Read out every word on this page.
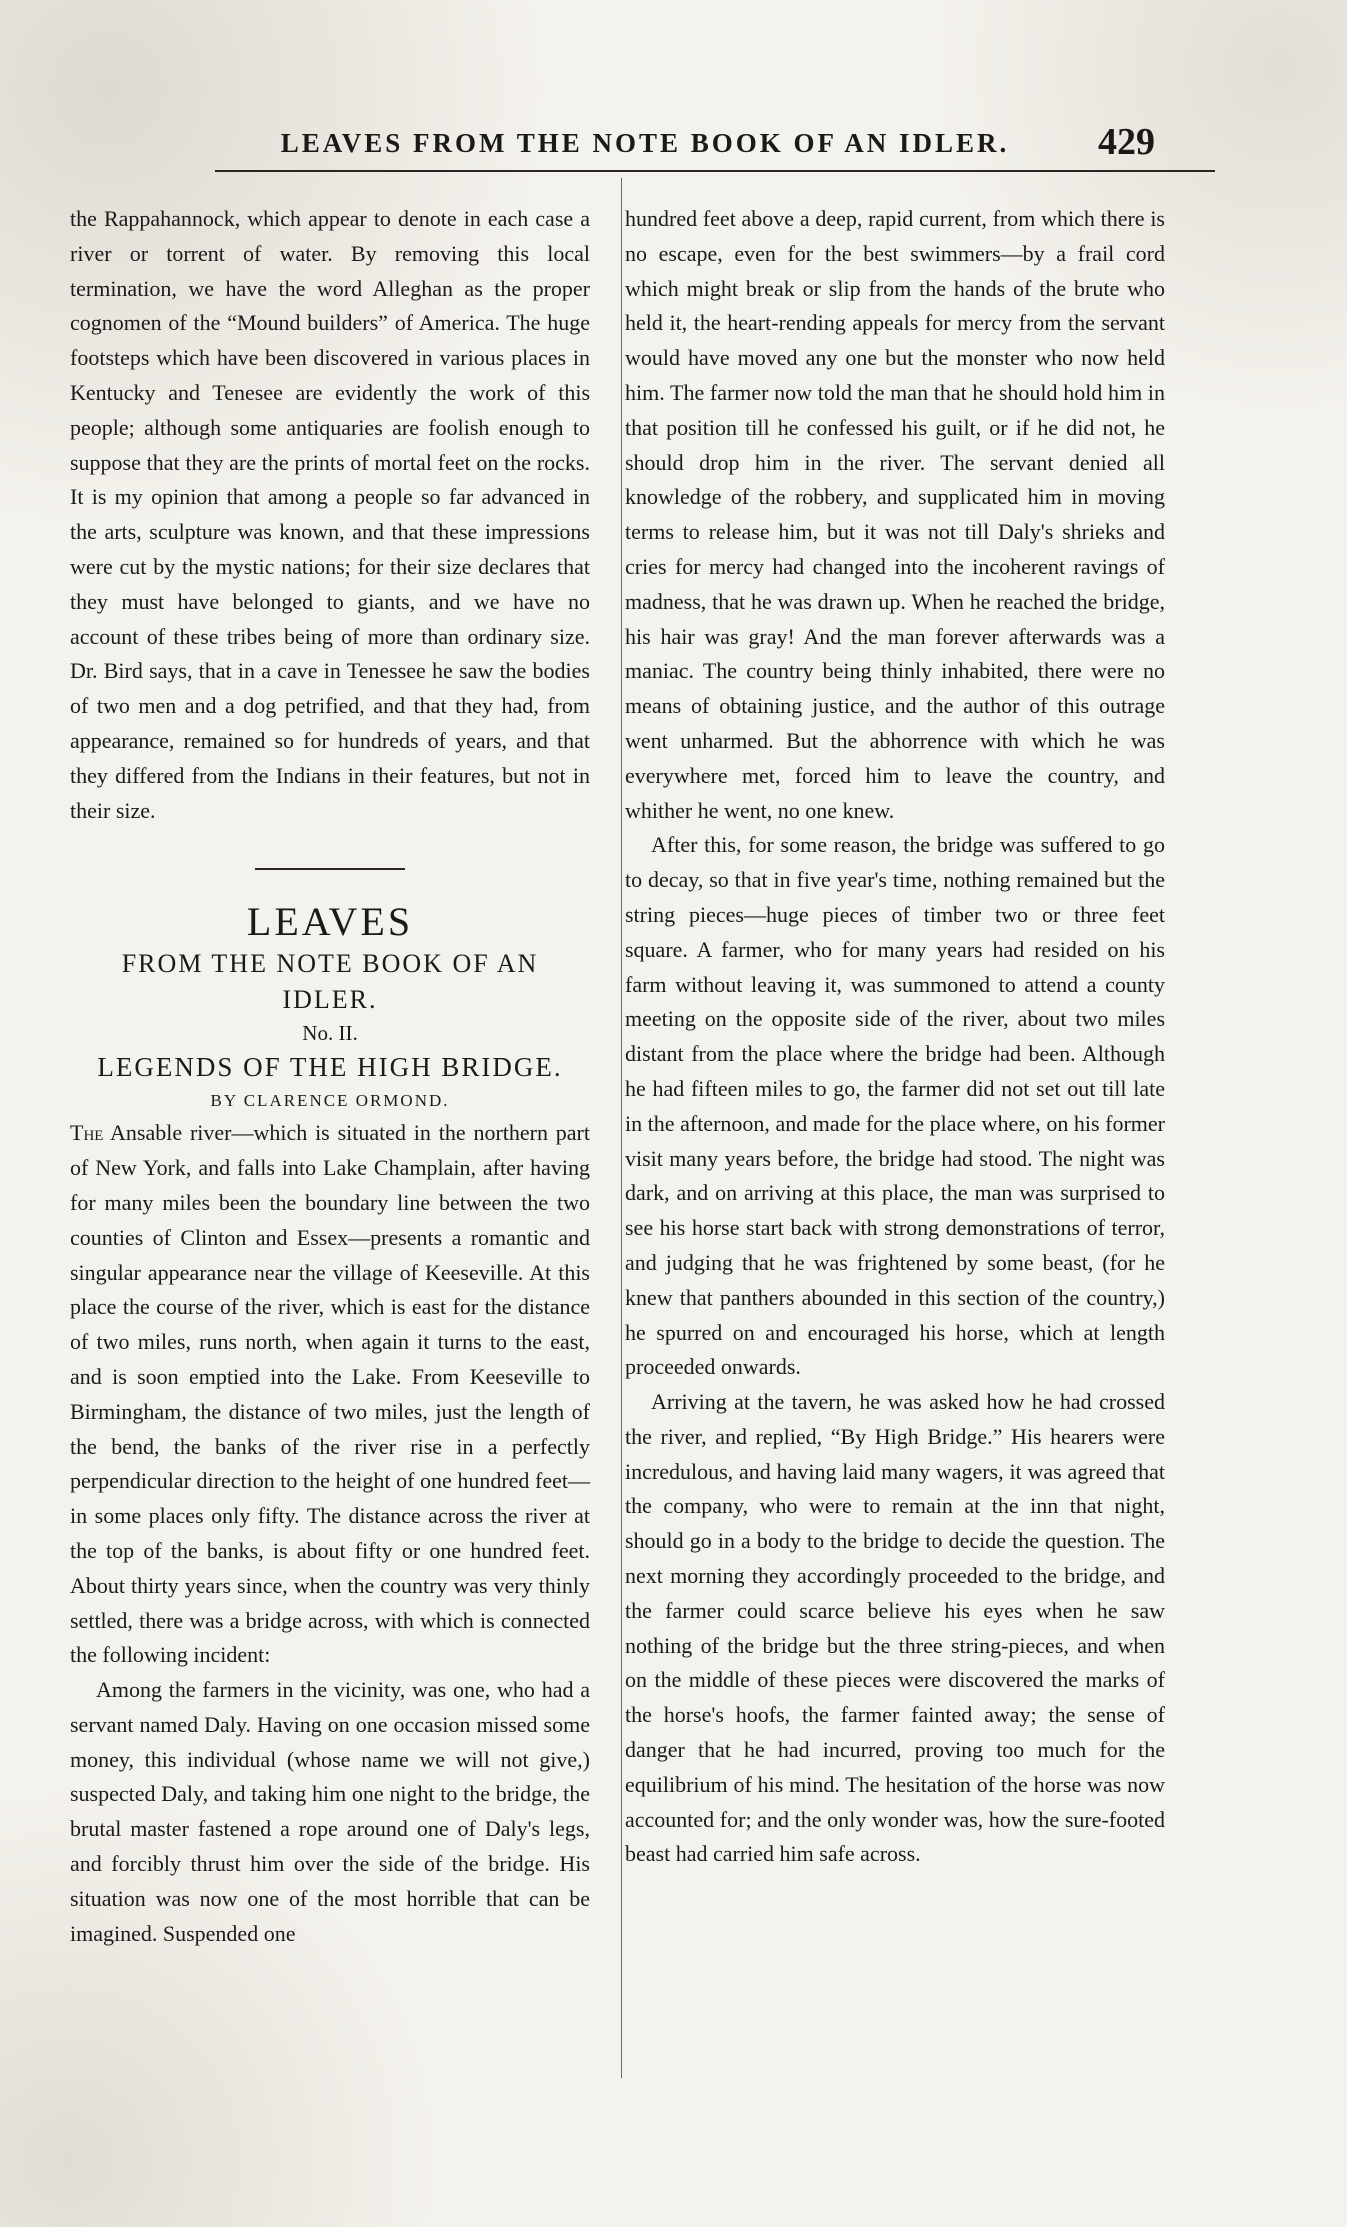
LEAVES FROM THE NOTE BOOK OF AN IDLER.	429

the Rappahannock, which appear to denote in each case a river or torrent of water. By removing this local termination, we have the word Alleghan as the proper cognomen of the “Mound builders” of America. The huge footsteps which have been discovered in various places in Kentucky and Tenesee are evidently the work of this people; although some antiquaries are foolish enough to suppose that they are the prints of mortal feet on the rocks. It is my opinion that among a people so far advanced in the arts, sculpture was known, and that these impressions were cut by the mystic nations; for their size declares that they must have belonged to giants, and we have no account of these tribes being of more than ordinary size. Dr. Bird says, that in a cave in Tenessee he saw the bodies of two men and a dog petrified, and that they had, from appearance, remained so for hundreds of years, and that they differed from the Indians in their features, but not in their size.

LEAVES

FROM THE NOTE BOOK OF AN IDLER.

No. II.

LEGENDS OF THE HIGH BRIDGE.

BY CLARENCE ORMOND.

The Ansable river—which is situated in the northern part of New York, and falls into Lake Champlain, after having for many miles been the boundary line between the two counties of Clinton and Essex—presents a romantic and singular appearance near the village of Keeseville. At this place the course of the river, which is east for the distance of two miles, runs north, when again it turns to the east, and is soon emptied into the Lake. From Keeseville to Birmingham, the distance of two miles, just the length of the bend, the banks of the river rise in a perfectly perpendicular direction to the height of one hundred feet—in some places only fifty. The distance across the river at the top of the banks, is about fifty or one hundred feet. About thirty years since, when the country was very thinly settled, there was a bridge across, with which is connected the following incident:

Among the farmers in the vicinity, was one, who had a servant named Daly. Having on one occasion missed some money, this individual (whose name we will not give,) suspected Daly, and taking him one night to the bridge, the brutal master fastened a rope around one of Daly's legs, and forcibly thrust him over the side of the bridge. His situation was now one of the most horrible that can be imagined. Suspended one

hundred feet above a deep, rapid current, from which there is no escape, even for the best swimmers—by a frail cord which might break or slip from the hands of the brute who held it, the heart-rending appeals for mercy from the servant would have moved any one but the monster who now held him. The farmer now told the man that he should hold him in that position till he confessed his guilt, or if he did not, he should drop him in the river. The servant denied all knowledge of the robbery, and supplicated him in moving terms to release him, but it was not till Daly's shrieks and cries for mercy had changed into the incoherent ravings of madness, that he was drawn up. When he reached the bridge, his hair was gray! And the man forever afterwards was a maniac. The country being thinly inhabited, there were no means of obtaining justice, and the author of this outrage went unharmed. But the abhorrence with which he was everywhere met, forced him to leave the country, and whither he went, no one knew.

After this, for some reason, the bridge was suffered to go to decay, so that in five year's time, nothing remained but the string pieces—huge pieces of timber two or three feet square. A farmer, who for many years had resided on his farm without leaving it, was summoned to attend a county meeting on the opposite side of the river, about two miles distant from the place where the bridge had been. Although he had fifteen miles to go, the farmer did not set out till late in the afternoon, and made for the place where, on his former visit many years before, the bridge had stood. The night was dark, and on arriving at this place, the man was surprised to see his horse start back with strong demonstrations of terror, and judging that he was frightened by some beast, (for he knew that panthers abounded in this section of the country,) he spurred on and encouraged his horse, which at length proceeded onwards.

Arriving at the tavern, he was asked how he had crossed the river, and replied, “By High Bridge.” His hearers were incredulous, and having laid many wagers, it was agreed that the company, who were to remain at the inn that night, should go in a body to the bridge to decide the question. The next morning they accordingly proceeded to the bridge, and the farmer could scarce believe his eyes when he saw nothing of the bridge but the three string-pieces, and when on the middle of these pieces were discovered the marks of the horse's hoofs, the farmer fainted away; the sense of danger that he had incurred, proving too much for the equilibrium of his mind. The hesitation of the horse was now accounted for; and the only wonder was, how the sure-footed beast had carried him safe across.
